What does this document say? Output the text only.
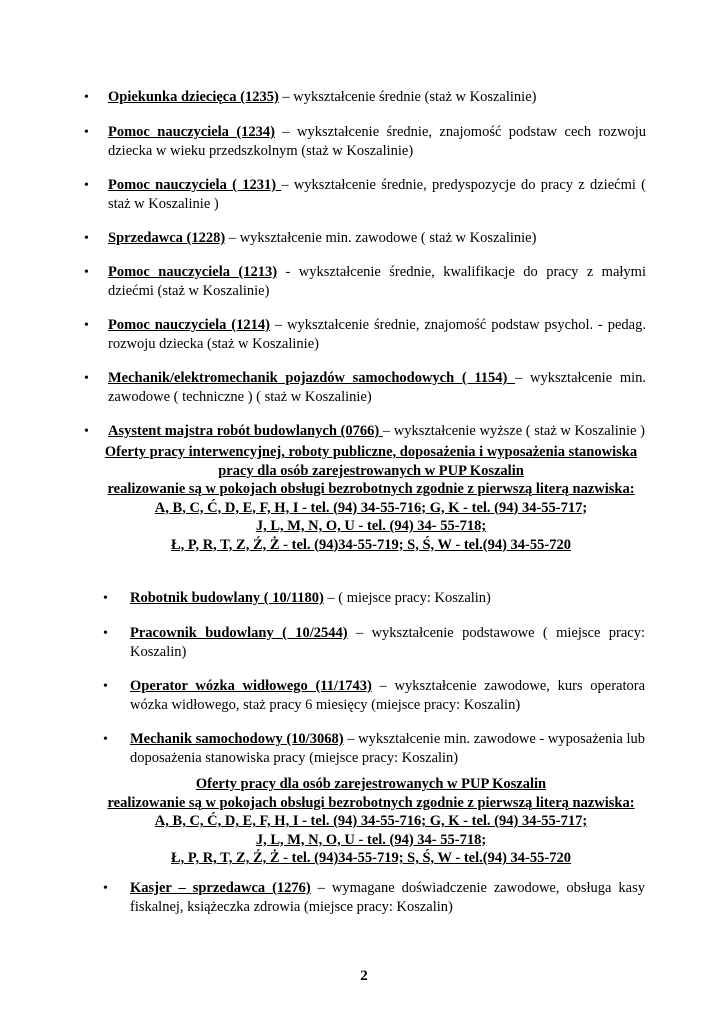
•	Opiekunka dziecięca (1235) – wykształcenie średnie (staż w Koszalinie)
•	Pomoc nauczyciela (1234) – wykształcenie średnie, znajomość podstaw cech rozwoju dziecka w wieku przedszkolnym (staż w Koszalinie)
•	Pomoc nauczyciela ( 1231) – wykształcenie średnie, predyspozycje do pracy z dziećmi ( staż w Koszalinie )
•	Sprzedawca (1228) – wykształcenie min. zawodowe ( staż w Koszalinie)
•	Pomoc nauczyciela (1213) - wykształcenie średnie, kwalifikacje do pracy z małymi dziećmi (staż w Koszalinie)
•	Pomoc nauczyciela (1214) – wykształcenie średnie, znajomość podstaw psychol. - pedag. rozwoju dziecka (staż w Koszalinie)
•	Mechanik/elektromechanik pojazdów samochodowych ( 1154) – wykształcenie min. zawodowe ( techniczne ) ( staż w Koszalinie)
•	Asystent majstra robót budowlanych (0766) – wykształcenie wyższe ( staż w Koszalinie )
Oferty pracy interwencyjnej, roboty publiczne, doposażenia i wyposażenia stanowiska
pracy dla osób zarejestrowanych w PUP Koszalin
realizowanie są w pokojach obsługi bezrobotnych zgodnie z pierwszą literą nazwiska:
A, B, C, Ć, D, E, F, H, I - tel. (94) 34-55-716; G, K - tel. (94) 34-55-717;
J, L, M, N, O, U - tel. (94) 34- 55-718;
Ł, P, R, T, Z, Ź, Ż - tel. (94)34-55-719; S, Ś, W - tel.(94) 34-55-720
•	Robotnik budowlany ( 10/1180) – ( miejsce pracy: Koszalin)
•	Pracownik budowlany ( 10/2544) – wykształcenie podstawowe ( miejsce pracy: Koszalin)
•	Operator wózka widłowego (11/1743) – wykształcenie zawodowe, kurs operatora wózka widłowego, staż pracy 6 miesięcy (miejsce pracy: Koszalin)
•	Mechanik samochodowy (10/3068) – wykształcenie min. zawodowe - wyposażenia lub doposażenia stanowiska pracy (miejsce pracy: Koszalin)
Oferty pracy dla osób zarejestrowanych w PUP Koszalin
realizowanie są w pokojach obsługi bezrobotnych zgodnie z pierwszą literą nazwiska:
A, B, C, Ć, D, E, F, H, I - tel. (94) 34-55-716; G, K - tel. (94) 34-55-717;
J, L, M, N, O, U - tel. (94) 34- 55-718;
Ł, P, R, T, Z, Ź, Ż - tel. (94)34-55-719; S, Ś, W - tel.(94) 34-55-720
•	Kasjer – sprzedawca (1276) – wymagane doświadczenie zawodowe, obsługa kasy fiskalnej, książeczka zdrowia (miejsce pracy: Koszalin)
2
